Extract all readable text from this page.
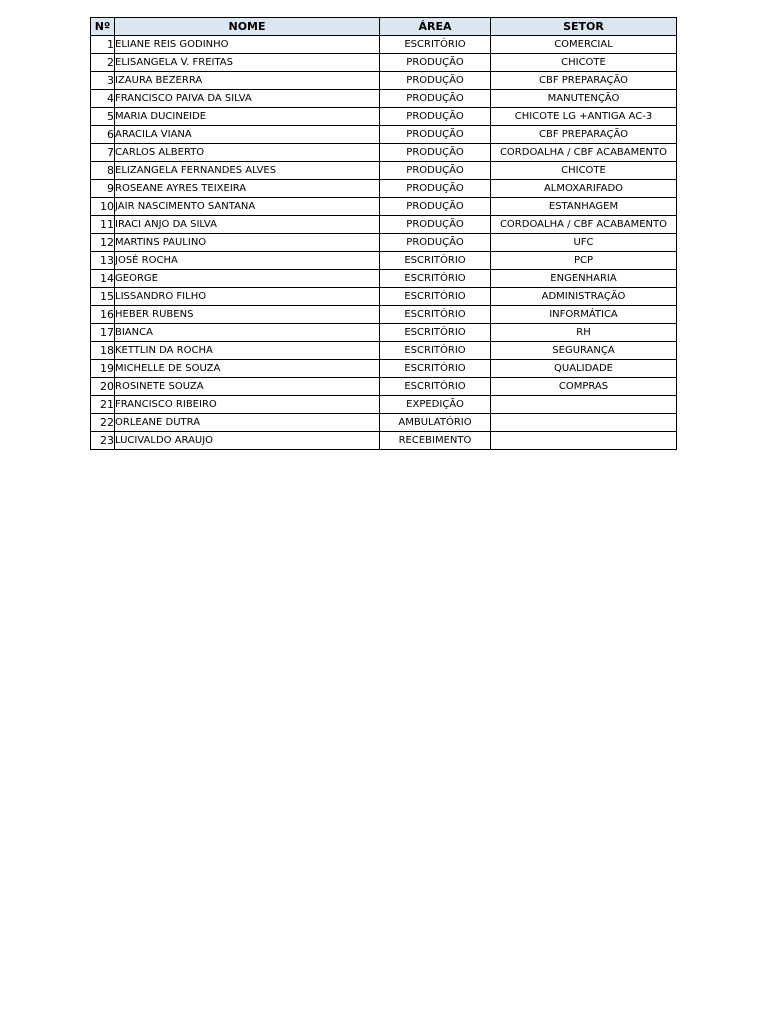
Nº	NOME	ÁREA	SETOR
1	ELIANE REIS GODINHO	ESCRITÓRIO	COMERCIAL
2	ELISANGELA V. FREITAS	PRODUÇÃO	CHICOTE
3	IZAURA BEZERRA	PRODUÇÃO	CBF PREPARAÇÃO
4	FRANCISCO PAIVA DA SILVA	PRODUÇÃO	MANUTENÇÃO
5	MARIA DUCINEIDE	PRODUÇÃO	CHICOTE LG +ANTIGA AC-3
6	ARACILA VIANA	PRODUÇÃO	CBF PREPARAÇÃO
7	CARLOS ALBERTO	PRODUÇÃO	CORDOALHA / CBF ACABAMENTO
8	ELIZANGELA FERNANDES ALVES	PRODUÇÃO	CHICOTE
9	ROSEANE AYRES TEIXEIRA	PRODUÇÃO	ALMOXARIFADO
10	JAIR NASCIMENTO SANTANA	PRODUÇÃO	ESTANHAGEM
11	IRACI ANJO DA SILVA	PRODUÇÃO	CORDOALHA / CBF ACABAMENTO
12	MARTINS PAULINO	PRODUÇÃO	UFC
13	JOSÉ ROCHA	ESCRITÓRIO	PCP
14	GEORGE	ESCRITÓRIO	ENGENHARIA
15	LISSANDRO FILHO	ESCRITÓRIO	ADMINISTRAÇÃO
16	HEBER RUBENS	ESCRITÓRIO	INFORMÁTICA
17	BIANCA	ESCRITÓRIO	RH
18	KETTLIN DA ROCHA	ESCRITÓRIO	SEGURANÇA
19	MICHELLE DE SOUZA	ESCRITÓRIO	QUALIDADE
20	ROSINETE SOUZA	ESCRITÓRIO	COMPRAS
21	FRANCISCO RIBEIRO	EXPEDIÇÃO	
22	ORLEANE DUTRA	AMBULATÓRIO	
23	LUCIVALDO ARAUJO	RECEBIMENTO	
